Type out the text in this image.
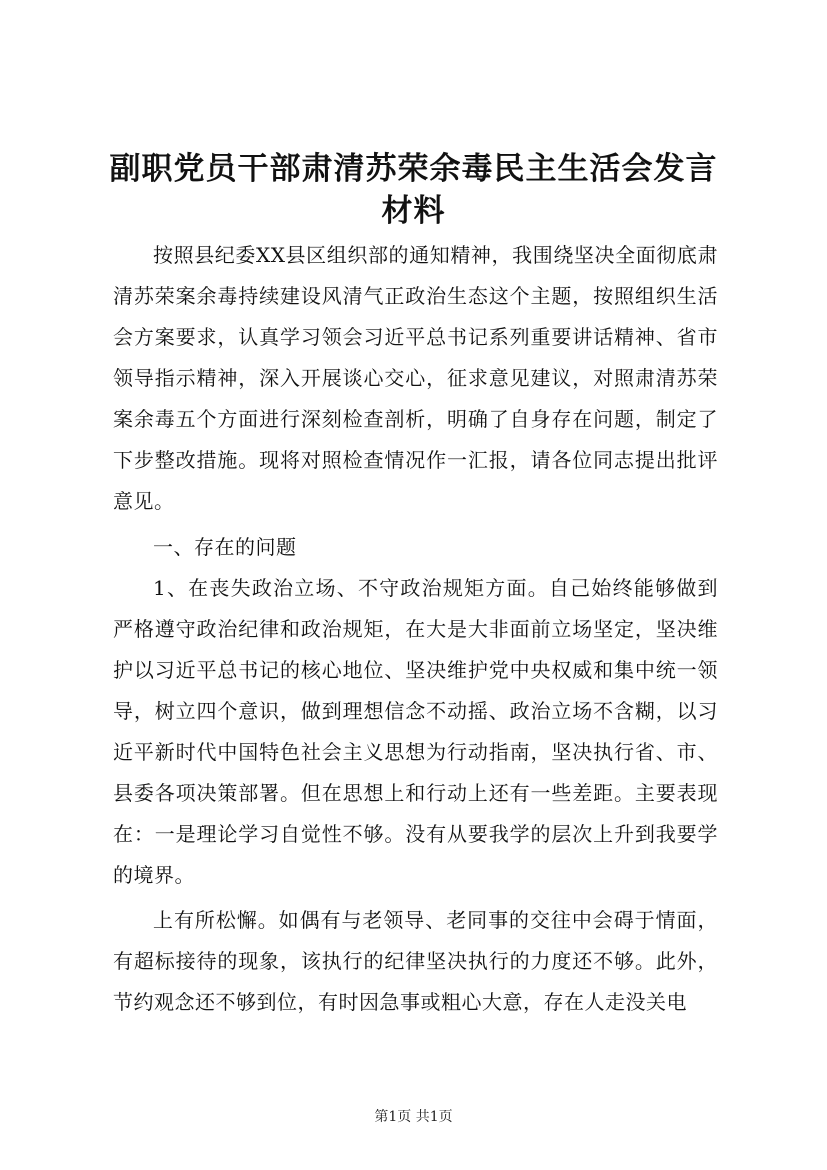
副职党员干部肃清苏荣余毒民主生活会发言材料

按照县纪委XX县区组织部的通知精神，我围绕坚决全面彻底肃清苏荣案余毒持续建设风清气正政治生态这个主题，按照组织生活会方案要求，认真学习领会习近平总书记系列重要讲话精神、省市领导指示精神，深入开展谈心交心，征求意见建议，对照肃清苏荣案余毒五个方面进行深刻检查剖析，明确了自身存在问题，制定了下步整改措施。现将对照检查情况作一汇报，请各位同志提出批评意见。

一、存在的问题

1、在丧失政治立场、不守政治规矩方面。自己始终能够做到严格遵守政治纪律和政治规矩，在大是大非面前立场坚定，坚决维护以习近平总书记的核心地位、坚决维护党中央权威和集中统一领导，树立四个意识，做到理想信念不动摇、政治立场不含糊，以习近平新时代中国特色社会主义思想为行动指南，坚决执行省、市、县委各项决策部署。但在思想上和行动上还有一些差距。主要表现在：一是理论学习自觉性不够。没有从要我学的层次上升到我要学的境界。

上有所松懈。如偶有与老领导、老同事的交往中会碍于情面，有超标接待的现象，该执行的纪律坚决执行的力度还不够。此外，节约观念还不够到位，有时因急事或粗心大意，存在人走没关电

第1页 共1页
